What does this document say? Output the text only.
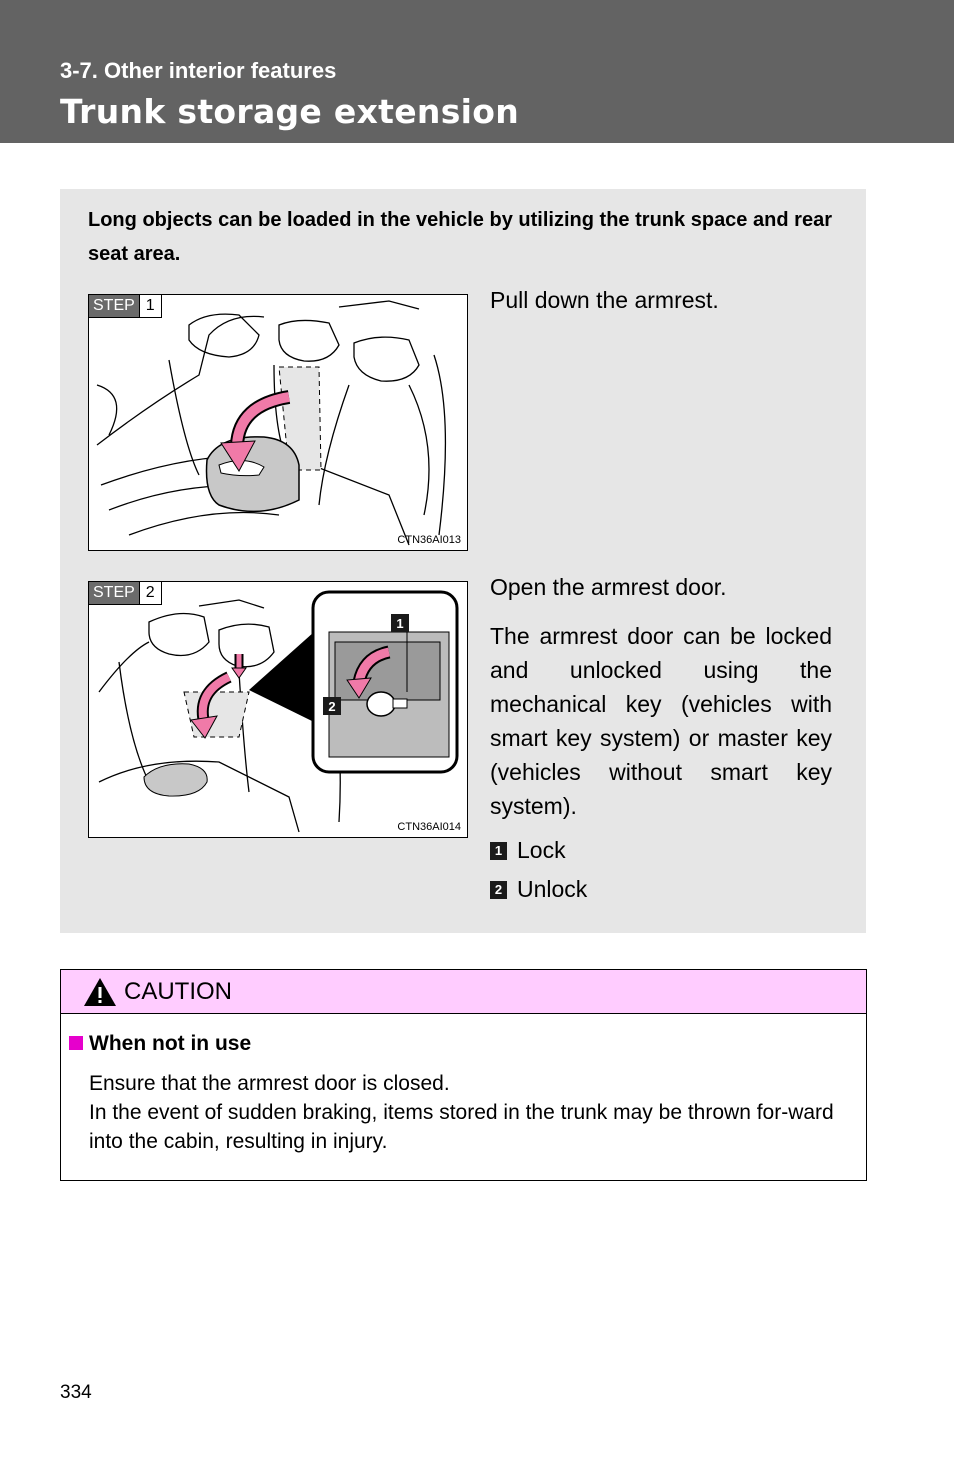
3-7. Other interior features
Trunk storage extension
Long objects can be loaded in the vehicle by utilizing the trunk space and rear seat area.
STEP 1
CTN36AI013
Pull down the armrest.
STEP 2
1
2
CTN36AI014
Open the armrest door.
The armrest door can be locked and unlocked using the mechanical key (vehicles with smart key system) or master key (vehicles without smart key system).
1 Lock
2 Unlock
CAUTION
When not in use
Ensure that the armrest door is closed.
In the event of sudden braking, items stored in the trunk may be thrown for-ward into the cabin, resulting in injury.
334
